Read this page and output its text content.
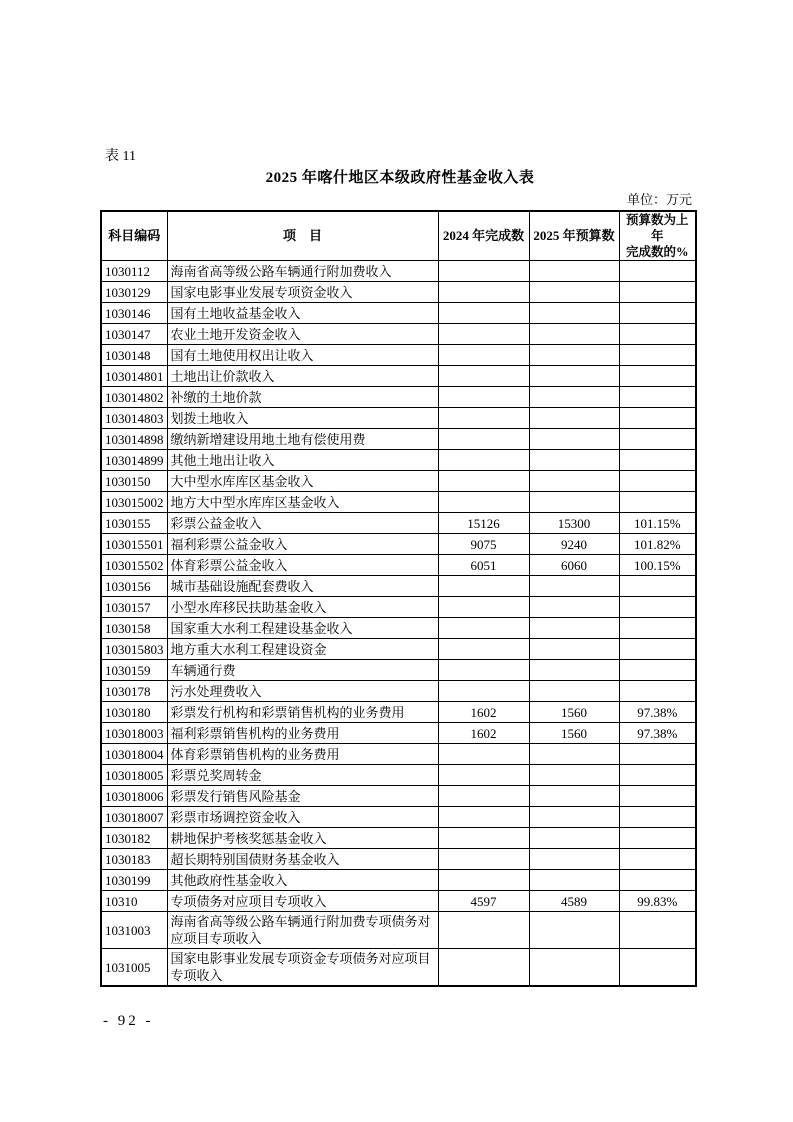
表 11
2025 年喀什地区本级政府性基金收入表
单位：万元
科目编码	项　目	2024 年完成数	2025 年预算数	预算数为上年
完成数的%

1030112	海南省高等级公路车辆通行附加费收入			
1030129	国家电影事业发展专项资金收入			
1030146	国有土地收益基金收入			
1030147	农业土地开发资金收入			
1030148	国有土地使用权出让收入			
103014801	土地出让价款收入			
103014802	补缴的土地价款			
103014803	划拨土地收入			
103014898	缴纳新增建设用地土地有偿使用费			
103014899	其他土地出让收入			
1030150	大中型水库库区基金收入			
103015002	地方大中型水库库区基金收入			
1030155	彩票公益金收入	15126	15300	101.15%
103015501	福利彩票公益金收入	9075	9240	101.82%
103015502	体育彩票公益金收入	6051	6060	100.15%
1030156	城市基础设施配套费收入			
1030157	小型水库移民扶助基金收入			
1030158	国家重大水利工程建设基金收入			
103015803	地方重大水利工程建设资金			
1030159	车辆通行费			
1030178	污水处理费收入			
1030180	彩票发行机构和彩票销售机构的业务费用	1602	1560	97.38%
103018003	福利彩票销售机构的业务费用	1602	1560	97.38%
103018004	体育彩票销售机构的业务费用			
103018005	彩票兑奖周转金			
103018006	彩票发行销售风险基金			
103018007	彩票市场调控资金收入			
1030182	耕地保护考核奖惩基金收入			
1030183	超长期特别国债财务基金收入			
1030199	其他政府性基金收入			
10310	专项债务对应项目专项收入	4597	4589	99.83%
1031003	海南省高等级公路车辆通行附加费专项债务对应项目专项收入			
1031005	国家电影事业发展专项资金专项债务对应项目专项收入			
- 92 -
